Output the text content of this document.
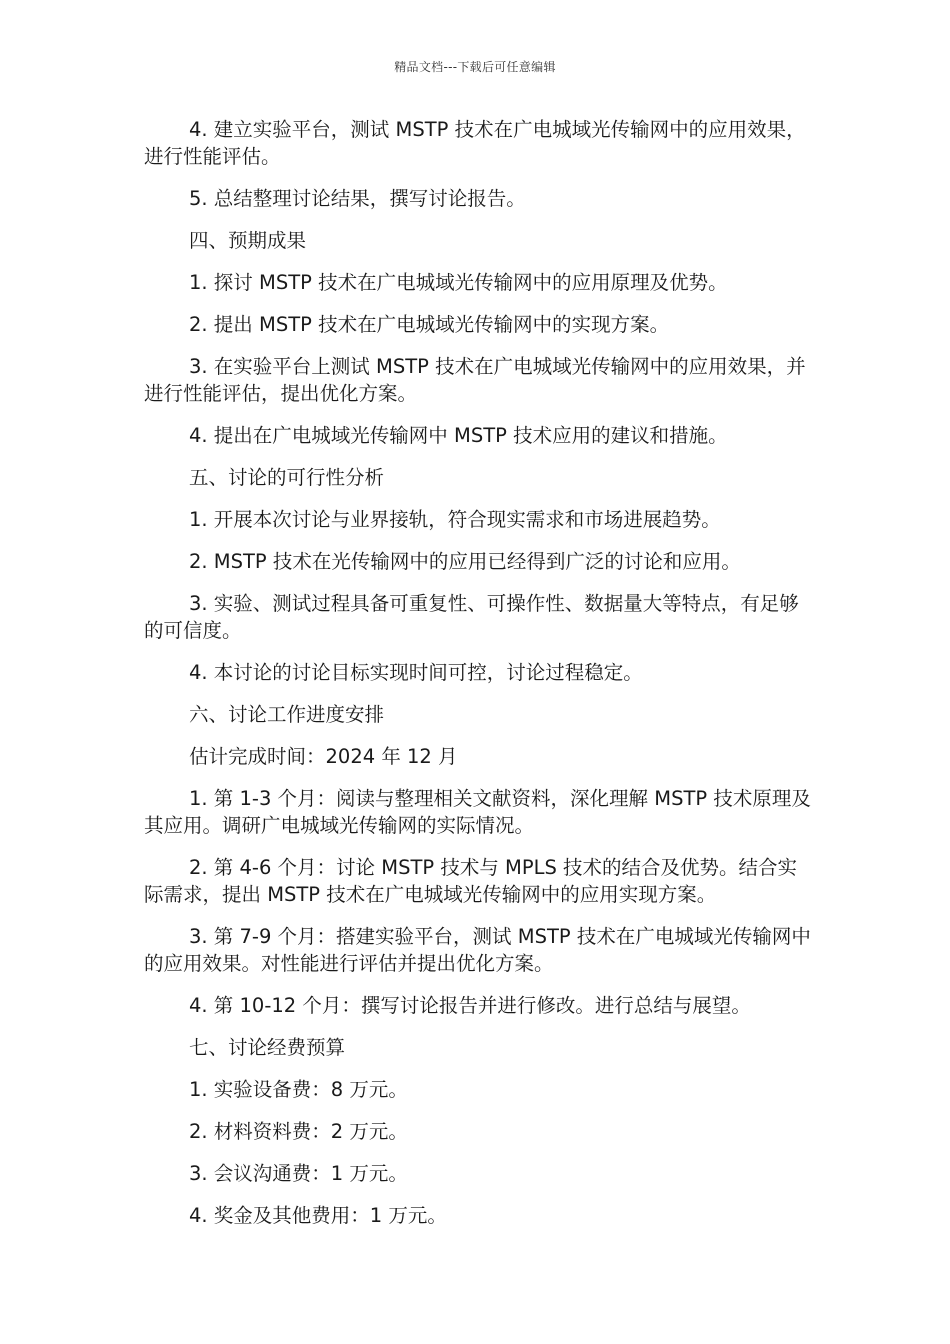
精品文档---下载后可任意编辑

4. 建立实验平台，测试 MSTP 技术在广电城域光传输网中的应用效果，进行性能评估。

5. 总结整理讨论结果，撰写讨论报告。

四、预期成果

1. 探讨 MSTP 技术在广电城域光传输网中的应用原理及优势。

2. 提出 MSTP 技术在广电城域光传输网中的实现方案。

3. 在实验平台上测试 MSTP 技术在广电城域光传输网中的应用效果，并进行性能评估，提出优化方案。

4. 提出在广电城域光传输网中 MSTP 技术应用的建议和措施。

五、讨论的可行性分析

1. 开展本次讨论与业界接轨，符合现实需求和市场进展趋势。

2. MSTP 技术在光传输网中的应用已经得到广泛的讨论和应用。

3. 实验、测试过程具备可重复性、可操作性、数据量大等特点，有足够的可信度。

4. 本讨论的讨论目标实现时间可控，讨论过程稳定。

六、讨论工作进度安排

估计完成时间：2024 年 12 月

1. 第 1-3 个月：阅读与整理相关文献资料，深化理解 MSTP 技术原理及其应用。调研广电城域光传输网的实际情况。

2. 第 4-6 个月：讨论 MSTP 技术与 MPLS 技术的结合及优势。结合实际需求，提出 MSTP 技术在广电城域光传输网中的应用实现方案。

3. 第 7-9 个月：搭建实验平台，测试 MSTP 技术在广电城域光传输网中的应用效果。对性能进行评估并提出优化方案。

4. 第 10-12 个月：撰写讨论报告并进行修改。进行总结与展望。

七、讨论经费预算

1. 实验设备费：8 万元。

2. 材料资料费：2 万元。

3. 会议沟通费：1 万元。

4. 奖金及其他费用：1 万元。
